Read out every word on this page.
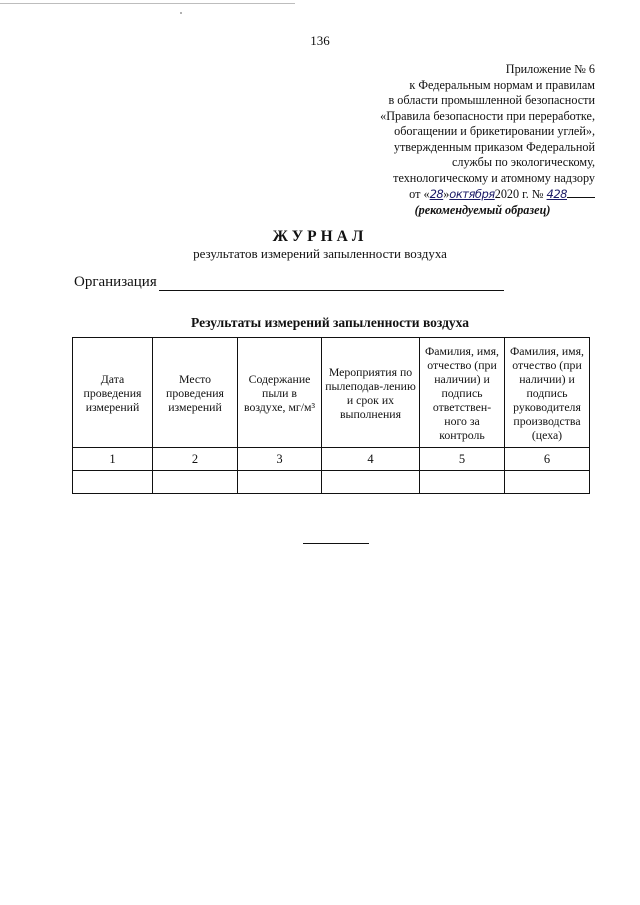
136
Приложение № 6
к Федеральным нормам и правилам
в области промышленной безопасности
«Правила безопасности при переработке,
обогащении и брикетировании углей»,
утвержденным приказом Федеральной
службы по экологическому,
технологическому и атомному надзору
от «28»октября2020 г. № 428
(рекомендуемый образец)
ЖУРНАЛ
результатов измерений запыленности воздуха
Организация
Результаты измерений запыленности воздуха
Дата проведения измерений	Место проведения измерений	Содержание пыли в воздухе, мг/м³	Мероприятия по пылеподав-лению и срок их выполнения	Фамилия, имя, отчество (при наличии) и подпись ответствен-ного за контроль	Фамилия, имя, отчество (при наличии) и подпись руководителя производства (цеха)
1	2	3	4	5	6
